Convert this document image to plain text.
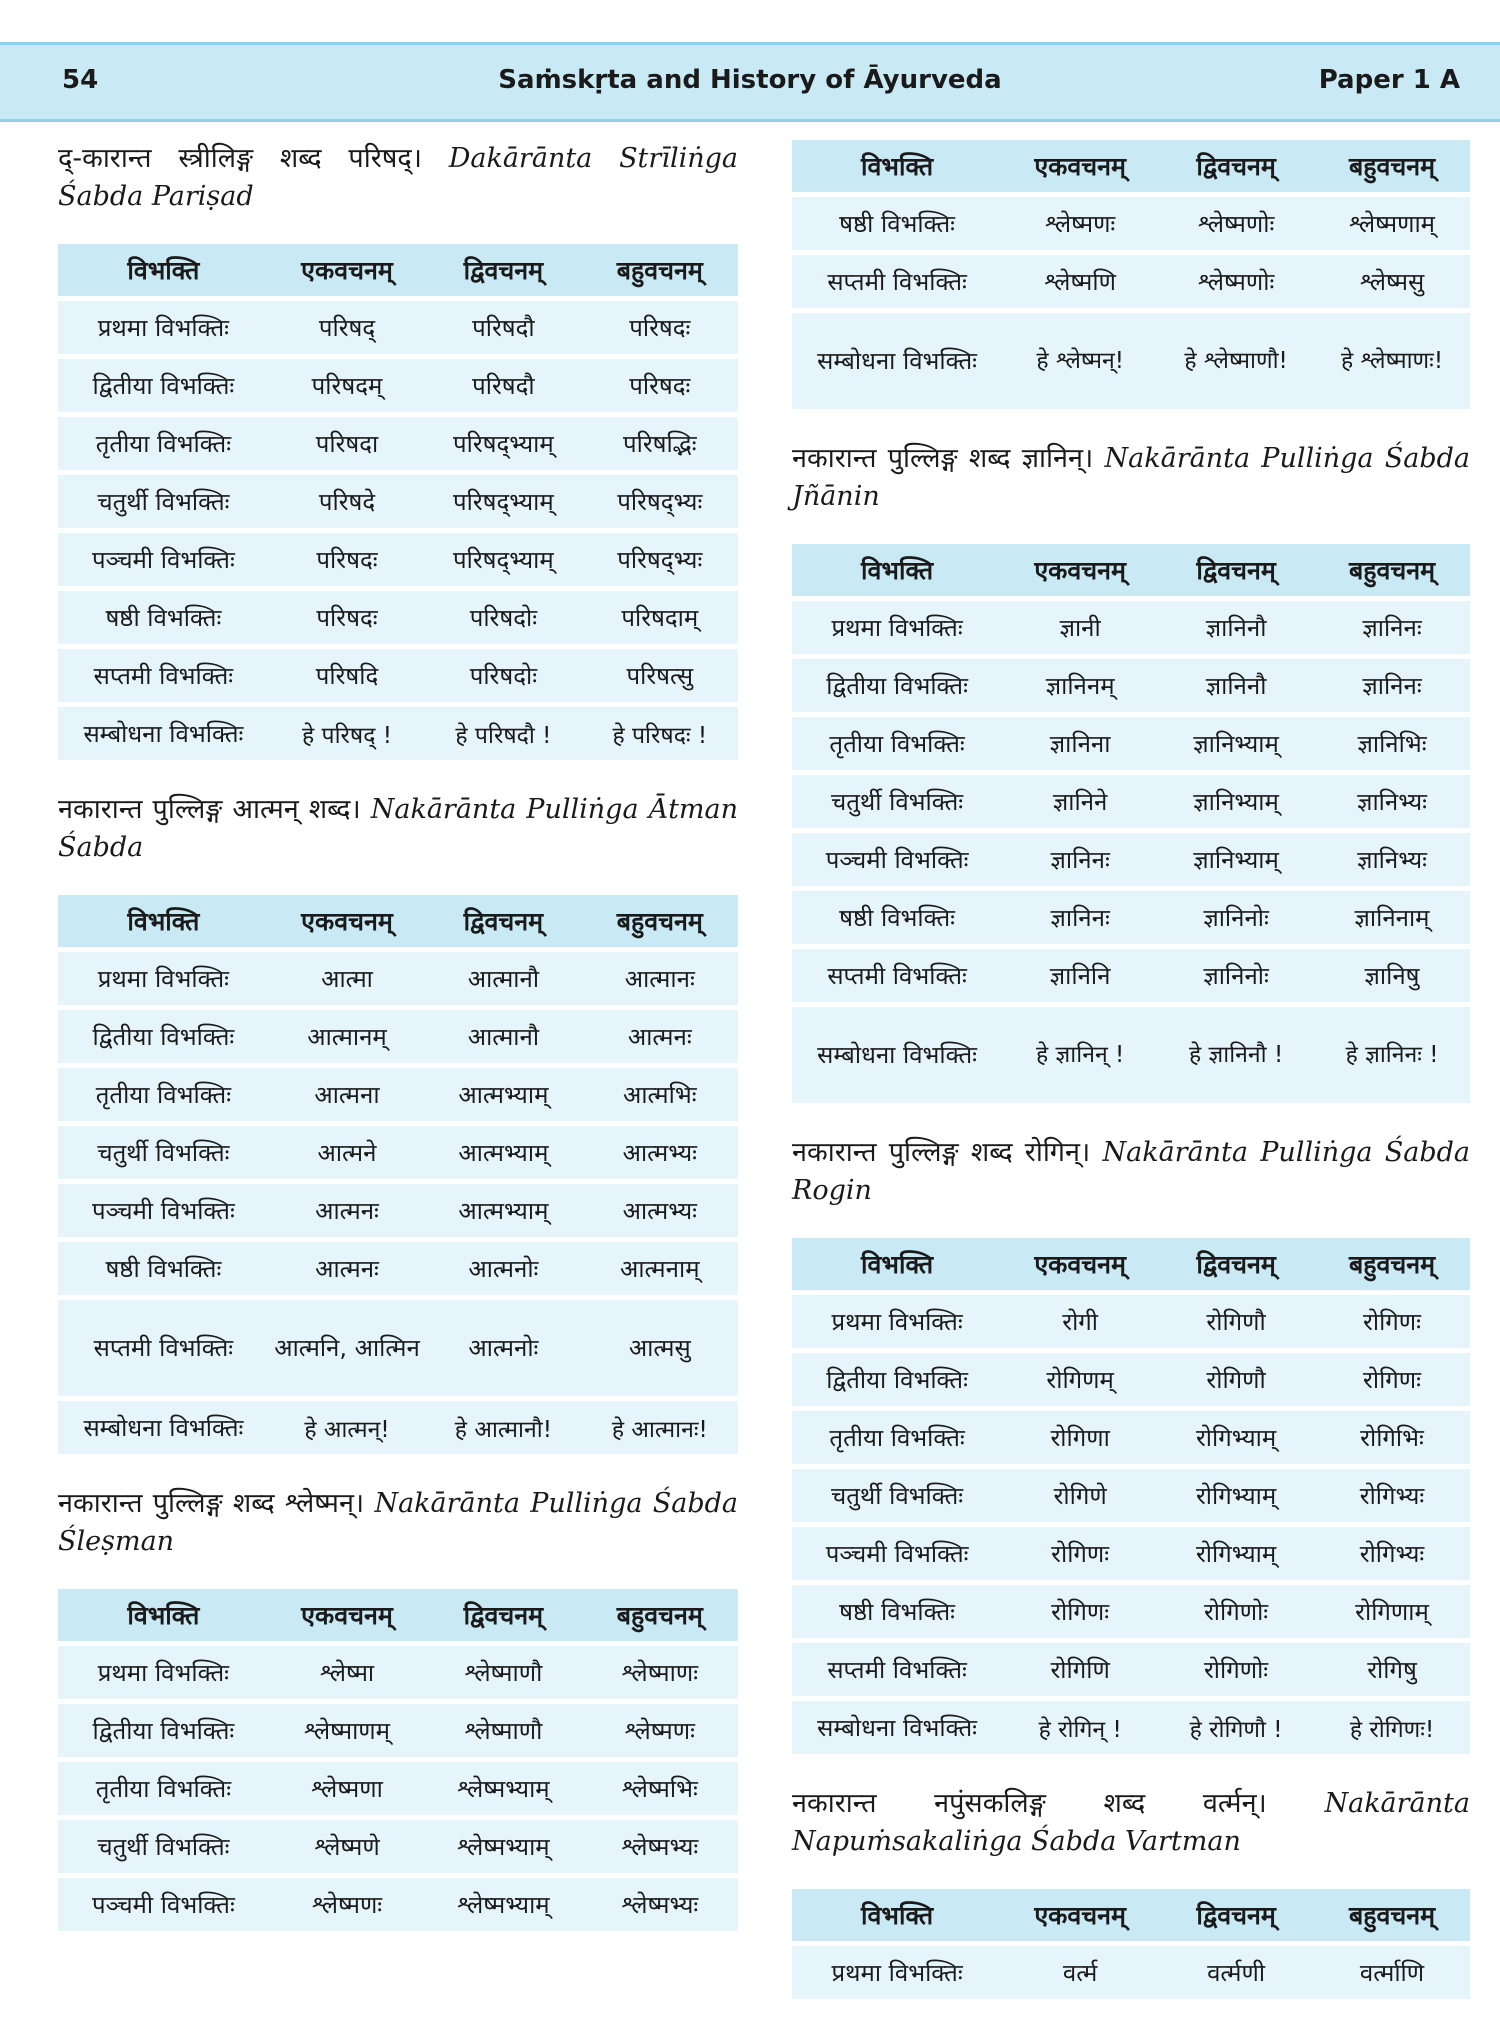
54	Saṁskṛta and History of Āyurveda	Paper 1 A

द्-कारान्त स्त्रीलिङ्ग शब्द परिषद्। Dakārānta Strīliṅga Śabda Pariṣad

विभक्ति	एकवचनम्	द्विवचनम्	बहुवचनम्
प्रथमा विभक्तिः	परिषद्	परिषदौ	परिषदः
द्वितीया विभक्तिः	परिषदम्	परिषदौ	परिषदः
तृतीया विभक्तिः	परिषदा	परिषद्भ्याम्	परिषद्भिः
चतुर्थी विभक्तिः	परिषदे	परिषद्भ्याम्	परिषद्भ्यः
पञ्चमी विभक्तिः	परिषदः	परिषद्भ्याम्	परिषद्भ्यः
षष्ठी विभक्तिः	परिषदः	परिषदोः	परिषदाम्
सप्तमी विभक्तिः	परिषदि	परिषदोः	परिषत्सु
सम्बोधना विभक्तिः	हे परिषद् !	हे परिषदौ !	हे परिषदः !

नकारान्त पुल्लिङ्ग आत्मन् शब्द। Nakārānta Pulliṅga Ātman Śabda

विभक्ति	एकवचनम्	द्विवचनम्	बहुवचनम्
प्रथमा विभक्तिः	आत्मा	आत्मानौ	आत्मानः
द्वितीया विभक्तिः	आत्मानम्	आत्मानौ	आत्मनः
तृतीया विभक्तिः	आत्मना	आत्मभ्याम्	आत्मभिः
चतुर्थी विभक्तिः	आत्मने	आत्मभ्याम्	आत्मभ्यः
पञ्चमी विभक्तिः	आत्मनः	आत्मभ्याम्	आत्मभ्यः
षष्ठी विभक्तिः	आत्मनः	आत्मनोः	आत्मनाम्
सप्तमी विभक्तिः	आत्मनि, आत्मिन	आत्मनोः	आत्मसु
सम्बोधना विभक्तिः	हे आत्मन्!	हे आत्मानौ!	हे आत्मानः!

नकारान्त पुल्लिङ्ग शब्द श्लेष्मन्। Nakārānta Pulliṅga Śabda Śleṣman

विभक्ति	एकवचनम्	द्विवचनम्	बहुवचनम्
प्रथमा विभक्तिः	श्लेष्मा	श्लेष्माणौ	श्लेष्माणः
द्वितीया विभक्तिः	श्लेष्माणम्	श्लेष्माणौ	श्लेष्मणः
तृतीया विभक्तिः	श्लेष्मणा	श्लेष्मभ्याम्	श्लेष्मभिः
चतुर्थी विभक्तिः	श्लेष्मणे	श्लेष्मभ्याम्	श्लेष्मभ्यः
पञ्चमी विभक्तिः	श्लेष्मणः	श्लेष्मभ्याम्	श्लेष्मभ्यः
विभक्ति	एकवचनम्	द्विवचनम्	बहुवचनम्
षष्ठी विभक्तिः	श्लेष्मणः	श्लेष्मणोः	श्लेष्मणाम्
सप्तमी विभक्तिः	श्लेष्मणि	श्लेष्मणोः	श्लेष्मसु
सम्बोधना विभक्तिः	हे श्लेष्मन्!	हे श्लेष्माणौ!	हे श्लेष्माणः!

नकारान्त पुल्लिङ्ग शब्द ज्ञानिन्। Nakārānta Pulliṅga Śabda Jñānin

विभक्ति	एकवचनम्	द्विवचनम्	बहुवचनम्
प्रथमा विभक्तिः	ज्ञानी	ज्ञानिनौ	ज्ञानिनः
द्वितीया विभक्तिः	ज्ञानिनम्	ज्ञानिनौ	ज्ञानिनः
तृतीया विभक्तिः	ज्ञानिना	ज्ञानिभ्याम्	ज्ञानिभिः
चतुर्थी विभक्तिः	ज्ञानिने	ज्ञानिभ्याम्	ज्ञानिभ्यः
पञ्चमी विभक्तिः	ज्ञानिनः	ज्ञानिभ्याम्	ज्ञानिभ्यः
षष्ठी विभक्तिः	ज्ञानिनः	ज्ञानिनोः	ज्ञानिनाम्
सप्तमी विभक्तिः	ज्ञानिनि	ज्ञानिनोः	ज्ञानिषु
सम्बोधना विभक्तिः	हे ज्ञानिन् !	हे ज्ञानिनौ !	हे ज्ञानिनः !

नकारान्त पुल्लिङ्ग शब्द रोगिन्। Nakārānta Pulliṅga Śabda Rogin

विभक्ति	एकवचनम्	द्विवचनम्	बहुवचनम्
प्रथमा विभक्तिः	रोगी	रोगिणौ	रोगिणः
द्वितीया विभक्तिः	रोगिणम्	रोगिणौ	रोगिणः
तृतीया विभक्तिः	रोगिणा	रोगिभ्याम्	रोगिभिः
चतुर्थी विभक्तिः	रोगिणे	रोगिभ्याम्	रोगिभ्यः
पञ्चमी विभक्तिः	रोगिणः	रोगिभ्याम्	रोगिभ्यः
षष्ठी विभक्तिः	रोगिणः	रोगिणोः	रोगिणाम्
सप्तमी विभक्तिः	रोगिणि	रोगिणोः	रोगिषु
सम्बोधना विभक्तिः	हे रोगिन् !	हे रोगिणौ !	हे रोगिणः!

नकारान्त नपुंसकलिङ्ग शब्द वर्त्मन्। Nakārānta Napuṁsakaliṅga Śabda Vartman

विभक्ति	एकवचनम्	द्विवचनम्	बहुवचनम्
प्रथमा विभक्तिः	वर्त्म	वर्त्मणी	वर्त्माणि
